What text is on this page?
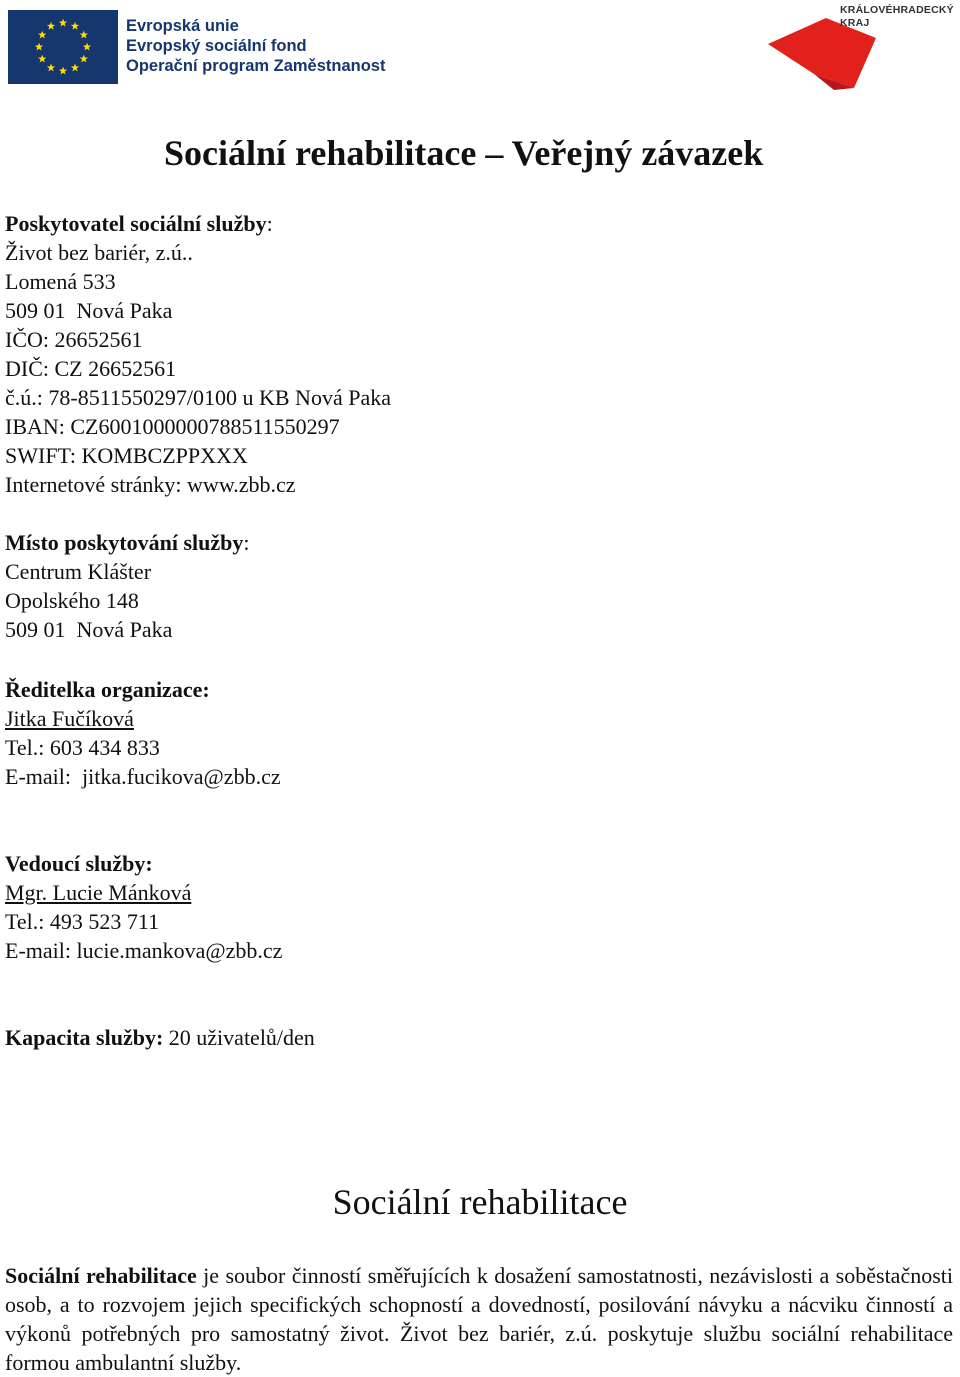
Evropská unie
Evropský sociální fond
Operační program Zaměstnanost
KRÁLOVÉHRADECKÝ
KRAJ
Sociální rehabilitace – Veřejný závazek
Poskytovatel sociální služby:
Život bez bariér, z.ú..
Lomená 533
509 01  Nová Paka
IČO: 26652561
DIČ: CZ 26652561
č.ú.: 78-8511550297/0100 u KB Nová Paka
IBAN: CZ6001000000788511550297
SWIFT: KOMBCZPPXXX
Internetové stránky: www.zbb.cz
Místo poskytování služby:
Centrum Klášter
Opolského 148
509 01  Nová Paka
Ředitelka organizace:
Jitka Fučíková
Tel.: 603 434 833
E-mail:  jitka.fucikova@zbb.cz
Vedoucí služby:
Mgr. Lucie Mánková
Tel.: 493 523 711
E-mail: lucie.mankova@zbb.cz
Kapacita služby: 20 uživatelů/den
Sociální rehabilitace
Sociální rehabilitace je soubor činností směřujících k dosažení samostatnosti, nezávislosti a soběstačnosti osob, a to rozvojem jejich specifických schopností a dovedností, posilování návyku a nácviku činností a výkonů potřebných pro samostatný život. Život bez bariér, z.ú. poskytuje službu sociální rehabilitace formou ambulantní služby.
